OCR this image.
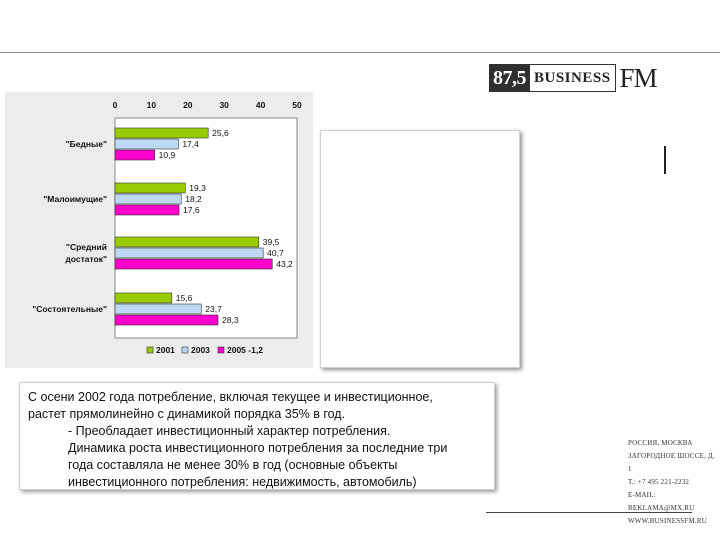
87,5 BUSINESS FM
0	10	20	30	40	50
"Бедные"
"Малоимущие"
"Средний
достаток"
"Состоятельные"
25,6
19,3
39,5
15,6
17,4
18,2
40,7
23,7
10,9
17,6
43,2
28,3
2001 2003 2005 -1,2

С осени 2002 года потребление, включая текущее и инвестиционное,

растет прямолинейно с динамикой порядка 35% в год.

- Преобладает инвестиционный характер потребления.

Динамика роста инвестиционного потребления за последние три

года составляла не менее 30% в год (основные объекты

инвестиционного потребления: недвижимость, автомобиль)

РОССИЯ, МОСКВА
ЗАГОРОДНОЕ ШОССЕ, Д. 1
Т.: +7 495 221-2232
E-MAIL: REKLAMA@MX.RU
WWW.BUSINESSFM.RU
